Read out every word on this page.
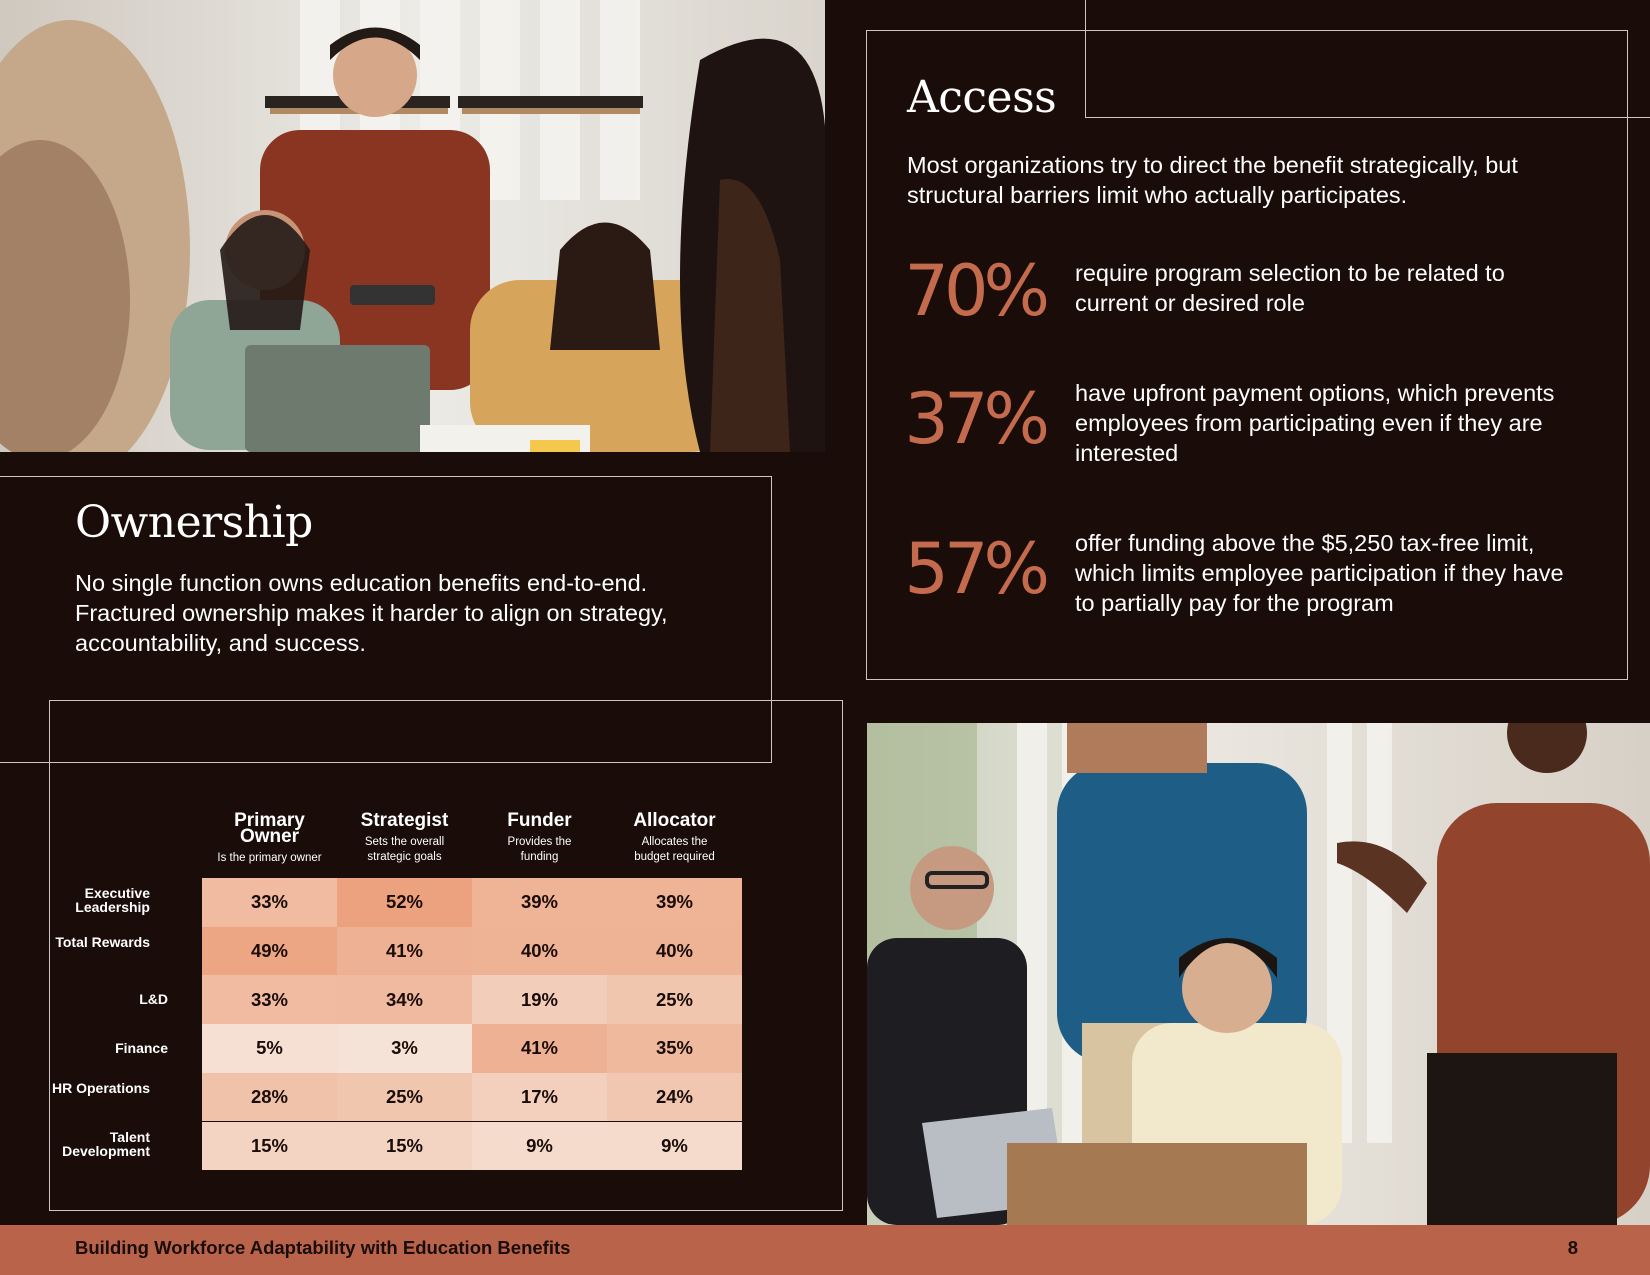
Ownership

No single function owns education benefits end-to-end. Fractured ownership makes it harder to align on strategy, accountability, and success.

Access

Most organizations try to direct the benefit strategically, but structural barriers limit who actually participates.

70% require program selection to be related to current or desired role
37% have upfront payment options, which prevents employees from participating even if they are interested
57% offer funding above the $5,250 tax-free limit, which limits employee participation if they have to partially pay for the program
Primary Owner
Is the primary owner
Strategist
Sets the overall strategic goals
Funder
Provides the funding
Allocator
Allocates the budget required
Executive Leadership	33%	52%	39%	39%
Total Rewards	49%	41%	40%	40%
L&D	33%	34%	19%	25%
Finance	5%	3%	41%	35%
HR Operations	28%	25%	17%	24%
Talent Development	15%	15%	9%	9%
Building Workforce Adaptability with Education Benefits	8
